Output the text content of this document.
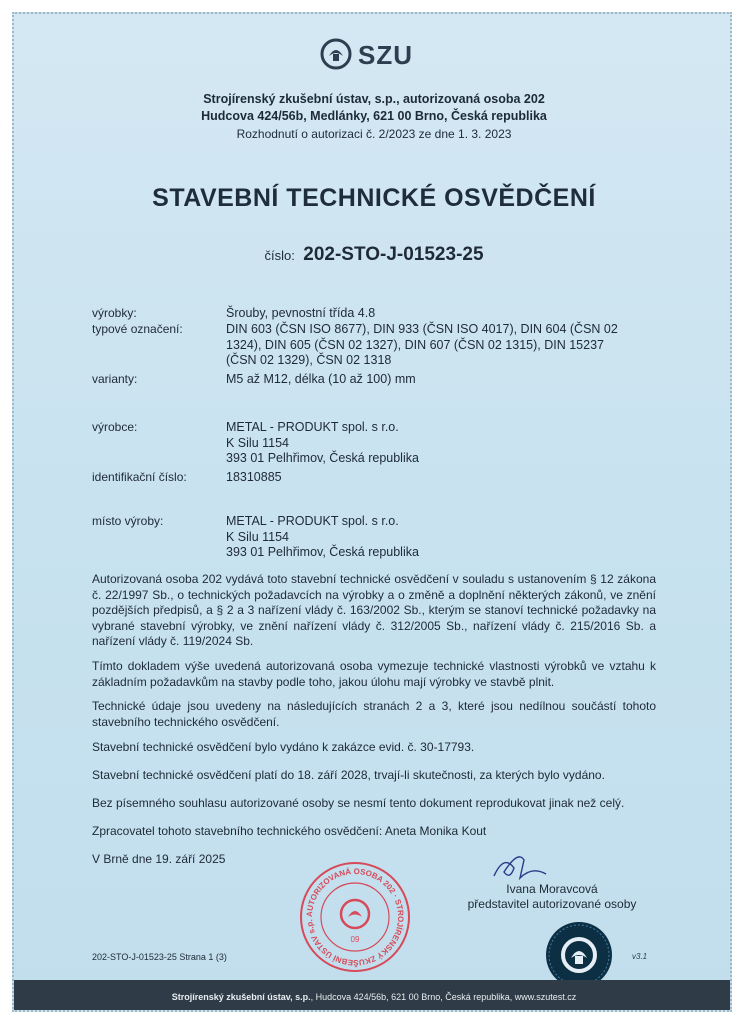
SZU
Strojírenský zkušební ústav, s.p., autorizovaná osoba 202
Hudcova 424/56b, Medlánky, 621 00 Brno, Česká republika
Rozhodnutí o autorizaci č. 2/2023 ze dne 1. 3. 2023
STAVEBNÍ TECHNICKÉ OSVĚDČENÍ
číslo: 202-STO-J-01523-25
výrobky:	Šrouby, pevnostní třída 4.8
typové označení:	DIN 603 (ČSN ISO 8677), DIN 933 (ČSN ISO 4017), DIN 604 (ČSN 02 1324), DIN 605 (ČSN 02 1327), DIN 607 (ČSN 02 1315), DIN 15237 (ČSN 02 1329), ČSN 02 1318
varianty:	M5 až M12, délka (10 až 100) mm
výrobce:	METAL - PRODUKT spol. s r.o.
K Silu 1154
393 01 Pelhřimov, Česká republika
identifikační číslo:	18310885
místo výroby:	METAL - PRODUKT spol. s r.o.
K Silu 1154
393 01 Pelhřimov, Česká republika
Autorizovaná osoba 202 vydává toto stavební technické osvědčení v souladu s ustanovením § 12 zákona č. 22/1997 Sb., o technických požadavcích na výrobky a o změně a doplnění některých zákonů, ve znění pozdějších předpisů, a § 2 a 3 nařízení vlády č. 163/2002 Sb., kterým se stanoví technické požadavky na vybrané stavební výrobky, ve znění nařízení vlády č. 312/2005 Sb., nařízení vlády č. 215/2016 Sb. a nařízení vlády č. 119/2024 Sb.
Tímto dokladem výše uvedená autorizovaná osoba vymezuje technické vlastnosti výrobků ve vztahu k základním požadavkům na stavby podle toho, jakou úlohu mají výrobky ve stavbě plnit.
Technické údaje jsou uvedeny na následujících stranách 2 a 3, které jsou nedílnou součástí tohoto stavebního technického osvědčení.
Stavební technické osvědčení bylo vydáno k zakázce evid. č. 30-17793.
Stavební technické osvědčení platí do 18. září 2028, trvají-li skutečnosti, za kterých bylo vydáno.
Bez písemného souhlasu autorizované osoby se nesmí tento dokument reprodukovat jinak než celý.
Zpracovatel tohoto stavebního technického osvědčení: Aneta Monika Kout
V Brně dne 19. září 2025
Ivana Moravcová
představitel autorizované osoby
AUTORIZOVANÁ OSOBA 202 · STROJÍRENSKÝ ZKUŠEBNÍ ÚSTAV s.p.
09
v3.1
202-STO-J-01523-25 Strana 1 (3)
Strojírenský zkušební ústav, s.p., Hudcova 424/56b, 621 00 Brno, Česká republika, www.szutest.cz
